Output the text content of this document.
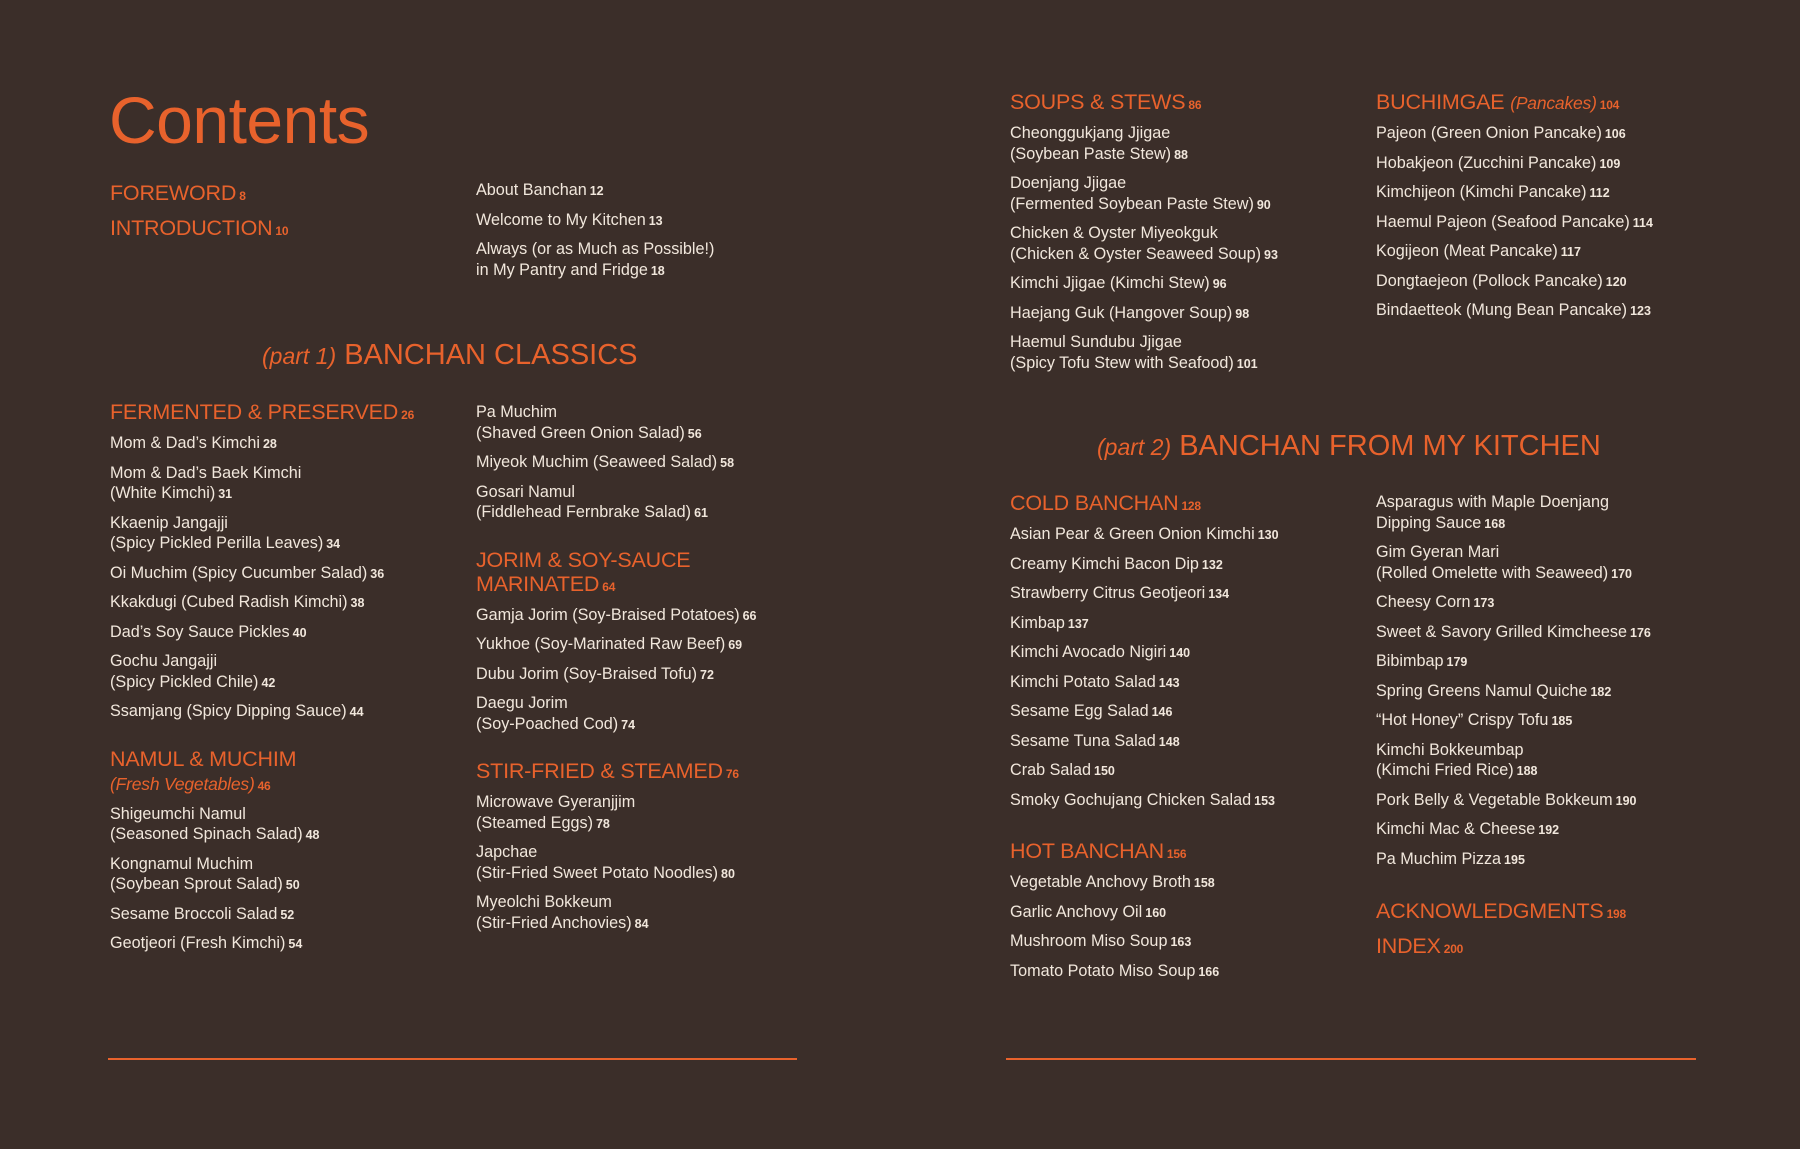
Contents
FOREWORD 8
INTRODUCTION 10
About Banchan 12
Welcome to My Kitchen 13
Always (or as Much as Possible!)
in My Pantry and Fridge 18
(part 1) BANCHAN CLASSICS
FERMENTED & PRESERVED 26
Mom & Dad’s Kimchi 28
Mom & Dad’s Baek Kimchi
(White Kimchi) 31
Kkaenip Jangajji
(Spicy Pickled Perilla Leaves) 34
Oi Muchim (Spicy Cucumber Salad) 36
Kkakdugi (Cubed Radish Kimchi) 38
Dad’s Soy Sauce Pickles 40
Gochu Jangajji
(Spicy Pickled Chile) 42
Ssamjang (Spicy Dipping Sauce) 44
NAMUL & MUCHIM
(Fresh Vegetables) 46
Shigeumchi Namul
(Seasoned Spinach Salad) 48
Kongnamul Muchim
(Soybean Sprout Salad) 50
Sesame Broccoli Salad 52
Geotjeori (Fresh Kimchi) 54
Pa Muchim
(Shaved Green Onion Salad) 56
Miyeok Muchim (Seaweed Salad) 58
Gosari Namul
(Fiddlehead Fernbrake Salad) 61
JORIM & SOY-SAUCE
MARINATED 64
Gamja Jorim (Soy-Braised Potatoes) 66
Yukhoe (Soy-Marinated Raw Beef) 69
Dubu Jorim (Soy-Braised Tofu) 72
Daegu Jorim
(Soy-Poached Cod) 74
STIR-FRIED & STEAMED 76
Microwave Gyeranjjim
(Steamed Eggs) 78
Japchae
(Stir-Fried Sweet Potato Noodles) 80
Myeolchi Bokkeum
(Stir-Fried Anchovies) 84
SOUPS & STEWS 86
Cheonggukjang Jjigae
(Soybean Paste Stew) 88
Doenjang Jjigae
(Fermented Soybean Paste Stew) 90
Chicken & Oyster Miyeokguk
(Chicken & Oyster Seaweed Soup) 93
Kimchi Jjigae (Kimchi Stew) 96
Haejang Guk (Hangover Soup) 98
Haemul Sundubu Jjigae
(Spicy Tofu Stew with Seafood) 101
BUCHIMGAE (Pancakes) 104
Pajeon (Green Onion Pancake) 106
Hobakjeon (Zucchini Pancake) 109
Kimchijeon (Kimchi Pancake) 112
Haemul Pajeon (Seafood Pancake) 114
Kogijeon (Meat Pancake) 117
Dongtaejeon (Pollock Pancake) 120
Bindaetteok (Mung Bean Pancake) 123
(part 2) BANCHAN FROM MY KITCHEN
COLD BANCHAN 128
Asian Pear & Green Onion Kimchi 130
Creamy Kimchi Bacon Dip 132
Strawberry Citrus Geotjeori 134
Kimbap 137
Kimchi Avocado Nigiri 140
Kimchi Potato Salad 143
Sesame Egg Salad 146
Sesame Tuna Salad 148
Crab Salad 150
Smoky Gochujang Chicken Salad 153
HOT BANCHAN 156
Vegetable Anchovy Broth 158
Garlic Anchovy Oil 160
Mushroom Miso Soup 163
Tomato Potato Miso Soup 166
Asparagus with Maple Doenjang
Dipping Sauce 168
Gim Gyeran Mari
(Rolled Omelette with Seaweed) 170
Cheesy Corn 173
Sweet & Savory Grilled Kimcheese 176
Bibimbap 179
Spring Greens Namul Quiche 182
“Hot Honey” Crispy Tofu 185
Kimchi Bokkeumbap
(Kimchi Fried Rice) 188
Pork Belly & Vegetable Bokkeum 190
Kimchi Mac & Cheese 192
Pa Muchim Pizza 195
ACKNOWLEDGMENTS 198
INDEX 200
